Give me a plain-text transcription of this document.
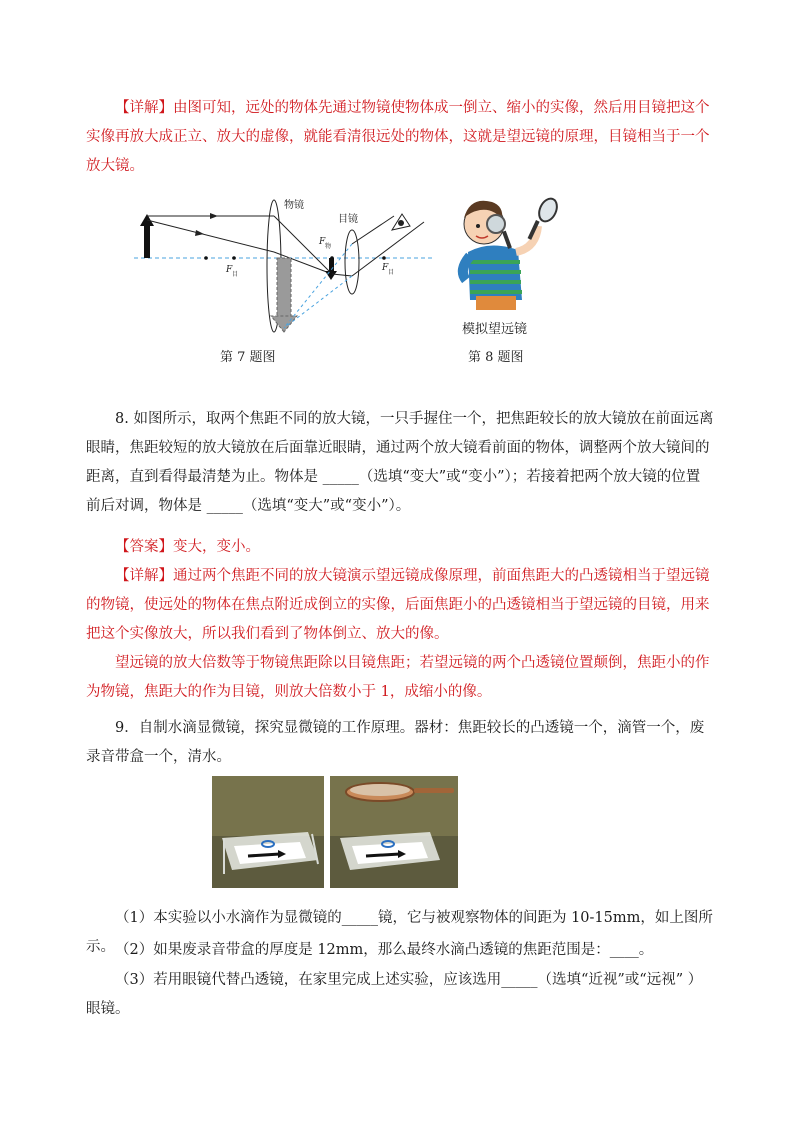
【详解】由图可知，远处的物体先通过物镜使物体成一倒立、缩小的实像，然后用目镜把这个实像再放大成正立、放大的虚像，就能看清很远处的物体，这就是望远镜的原理，目镜相当于一个放大镜。

物镜
目镜
F 物
F 目
F 目
第 7 题图
模拟望远镜
第 8 题图

8. 如图所示，取两个焦距不同的放大镜，一只手握住一个，把焦距较长的放大镜放在前面远离眼睛，焦距较短的放大镜放在后面靠近眼睛，通过两个放大镜看前面的物体，调整两个放大镜间的距离，直到看得最清楚为止。物体是 _____（选填“变大”或“变小”）；若接着把两个放大镜的位置前后对调，物体是 _____（选填“变大”或“变小”）。

【答案】变大，变小。

【详解】通过两个焦距不同的放大镜演示望远镜成像原理，前面焦距大的凸透镜相当于望远镜的物镜，使远处的物体在焦点附近成倒立的实像，后面焦距小的凸透镜相当于望远镜的目镜，用来把这个实像放大，所以我们看到了物体倒立、放大的像。

望远镜的放大倍数等于物镜焦距除以目镜焦距；若望远镜的两个凸透镜位置颠倒，焦距小的作为物镜，焦距大的作为目镜，则放大倍数小于 1，成缩小的像。

9．自制水滴显微镜，探究显微镜的工作原理。器材：焦距较长的凸透镜一个，滴管一个，废录音带盒一个，清水。

（1）本实验以小水滴作为显微镜的_____镜，它与被观察物体的间距为 10-15mm，如上图所示。 （2）如果废录音带盒的厚度是 12mm，那么最终水滴凸透镜的焦距范围是：____。

（3）若用眼镜代替凸透镜，在家里完成上述实验，应该选用_____（选填“近视”或“远视” ）眼镜。
